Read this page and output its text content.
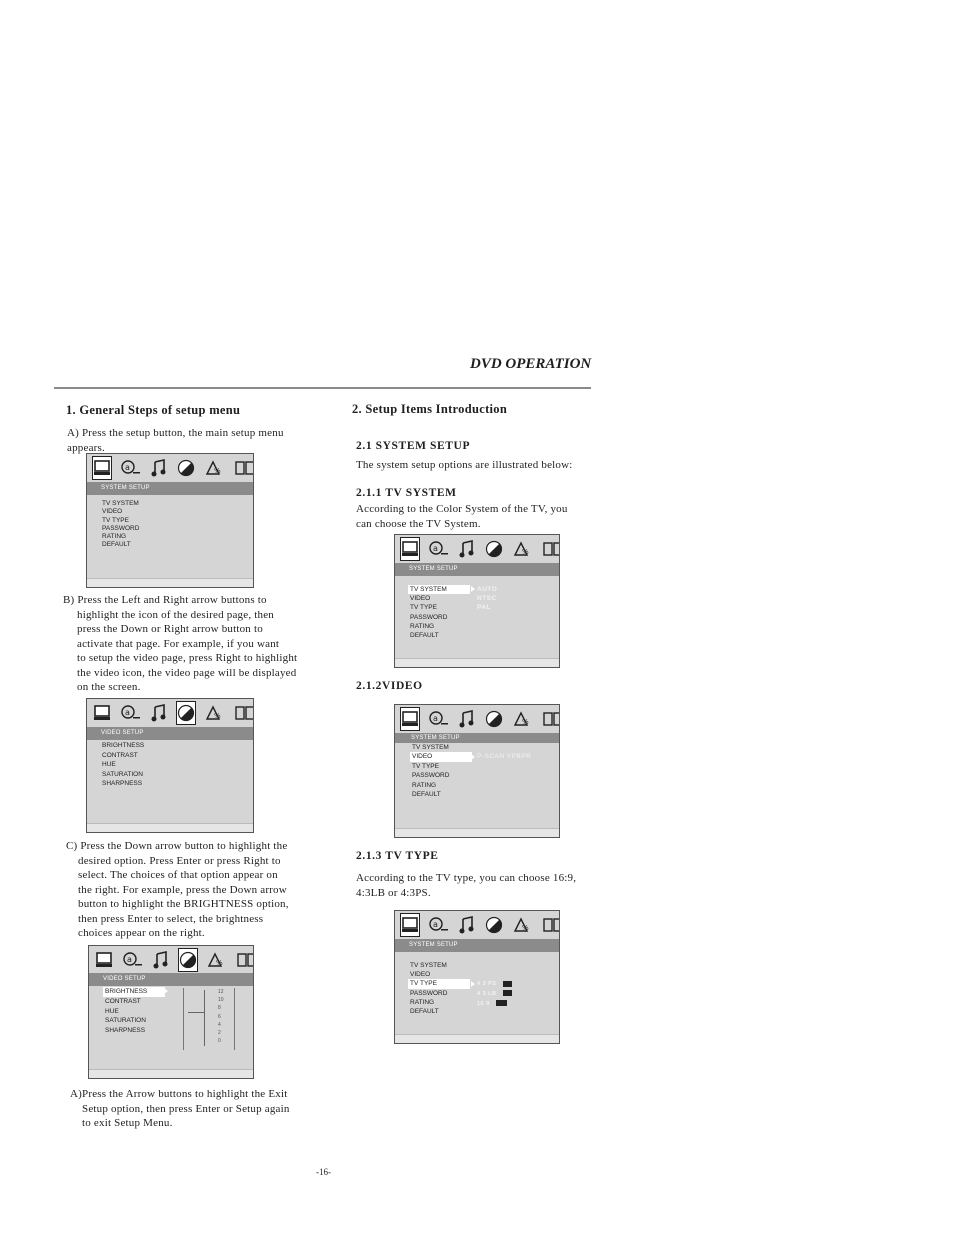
DVD OPERATION
1. General Steps of setup menu
A) Press the setup button, the main setup menu appears.
a	%
SYSTEM SETUP
TV SYSTEM
VIDEO
TV TYPE
PASSWORD
RATING
DEFAULT

B) Press the Left and Right arrow buttons to

highlight the icon of the desired page, then

press the Down or Right arrow button to

activate that page. For example, if you want

to setup the video page, press Right to highlight

the video icon, the video page will be displayed

on the screen.

a	%
VIDEO SETUP
BRIGHTNESS
CONTRAST
HUE
SATURATION
SHARPNESS

C) Press the Down arrow button to highlight the

desired option. Press Enter or press Right to

select. The choices of that option appear on

the right. For example, press the Down arrow

button to highlight the BRIGHTNESS option,

then press Enter to select, the brightness

choices appear on the right.

a	%
VIDEO SETUP
BRIGHTNESS
CONTRAST
HUE
SATURATION
SHARPNESS
12
10
8
6
4
2
0

A)Press the Arrow buttons to highlight the Exit

Setup option, then press Enter or Setup again

to exit Setup Menu.

2. Setup Items Introduction
2.1 SYSTEM SETUP
The system setup options are illustrated below:
2.1.1 TV SYSTEM

According to the Color System of the TV, you

can choose the TV System.

a	%
SYSTEM SETUP
TV SYSTEM
VIDEO
TV TYPE
PASSWORD
RATING
DEFAULT
AUTO
NTSC
PAL
2.1.2VIDEO
a	%
SYSTEM SETUP
TV SYSTEM
VIDEO
TV TYPE
PASSWORD
RATING
DEFAULT
P-SCAN YPBPR
2.1.3 TV TYPE

According to the TV type, you can choose 16:9,

4:3LB or 4:3PS.

a	%
SYSTEM SETUP
TV SYSTEM
VIDEO
TV TYPE
PASSWORD
RATING
DEFAULT
4 3 PS
4 3 LB
16 9
-16-
